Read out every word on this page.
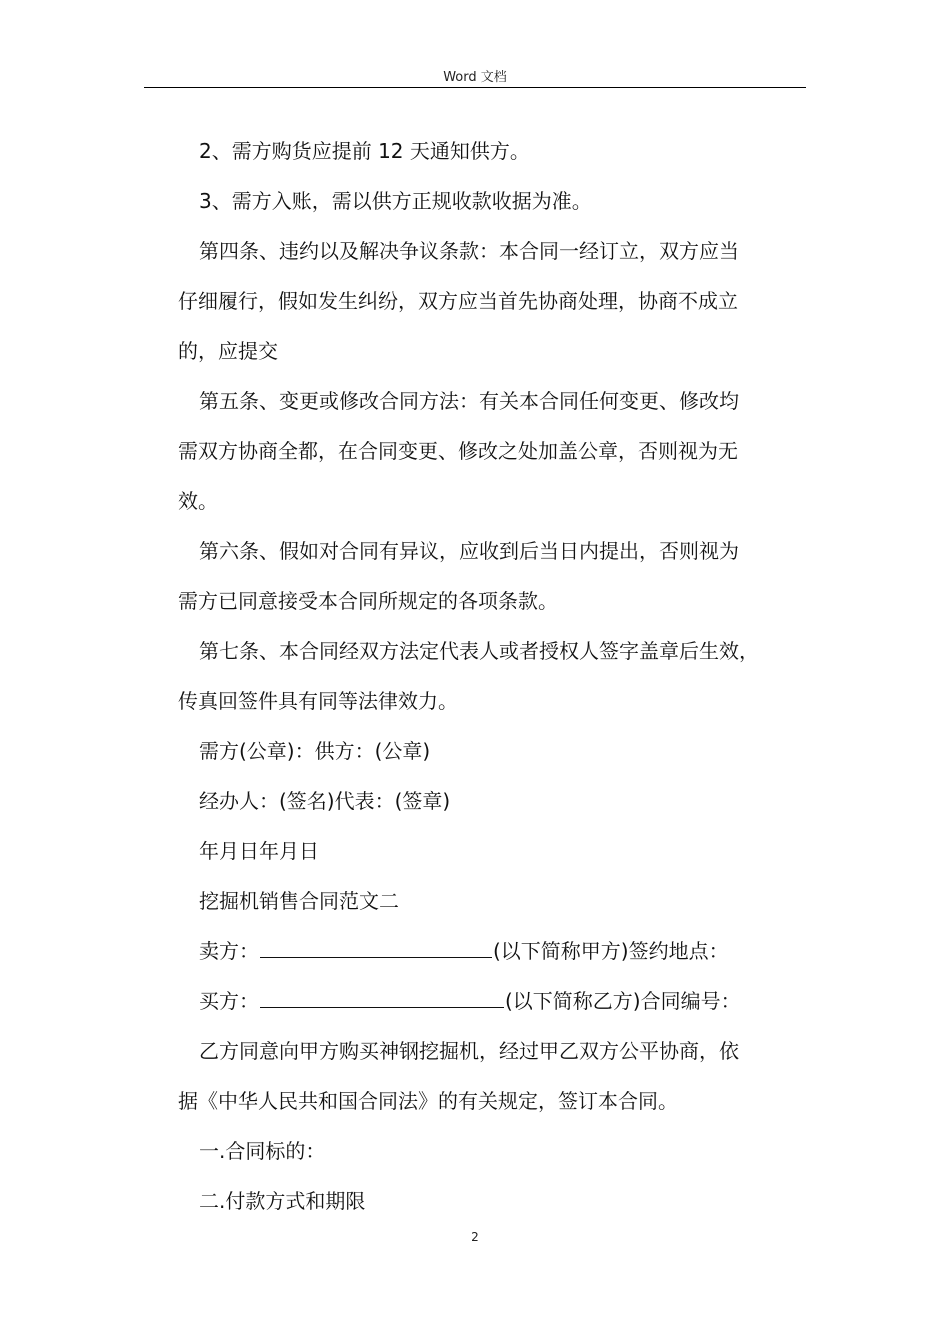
Word 文档
2、需方购货应提前 12 天通知供方。
3、需方入账，需以供方正规收款收据为准。
第四条、违约以及解决争议条款：本合同一经订立，双方应当
仔细履行，假如发生纠纷，双方应当首先协商处理，协商不成立
的，应提交
第五条、变更或修改合同方法：有关本合同任何变更、修改均
需双方协商全都，在合同变更、修改之处加盖公章，否则视为无
效。
第六条、假如对合同有异议，应收到后当日内提出，否则视为
需方已同意接受本合同所规定的各项条款。
第七条、本合同经双方法定代表人或者授权人签字盖章后生效，
传真回签件具有同等法律效力。
需方(公章)：供方：(公章)
经办人：(签名)代表：(签章)
年月日年月日
挖掘机销售合同范文二
卖方：	(以下简称甲方)签约地点：
买方：	(以下简称乙方)合同编号：
乙方同意向甲方购买神钢挖掘机，经过甲乙双方公平协商，依
据《中华人民共和国合同法》的有关规定，签订本合同。
一.合同标的：
二.付款方式和期限
2
